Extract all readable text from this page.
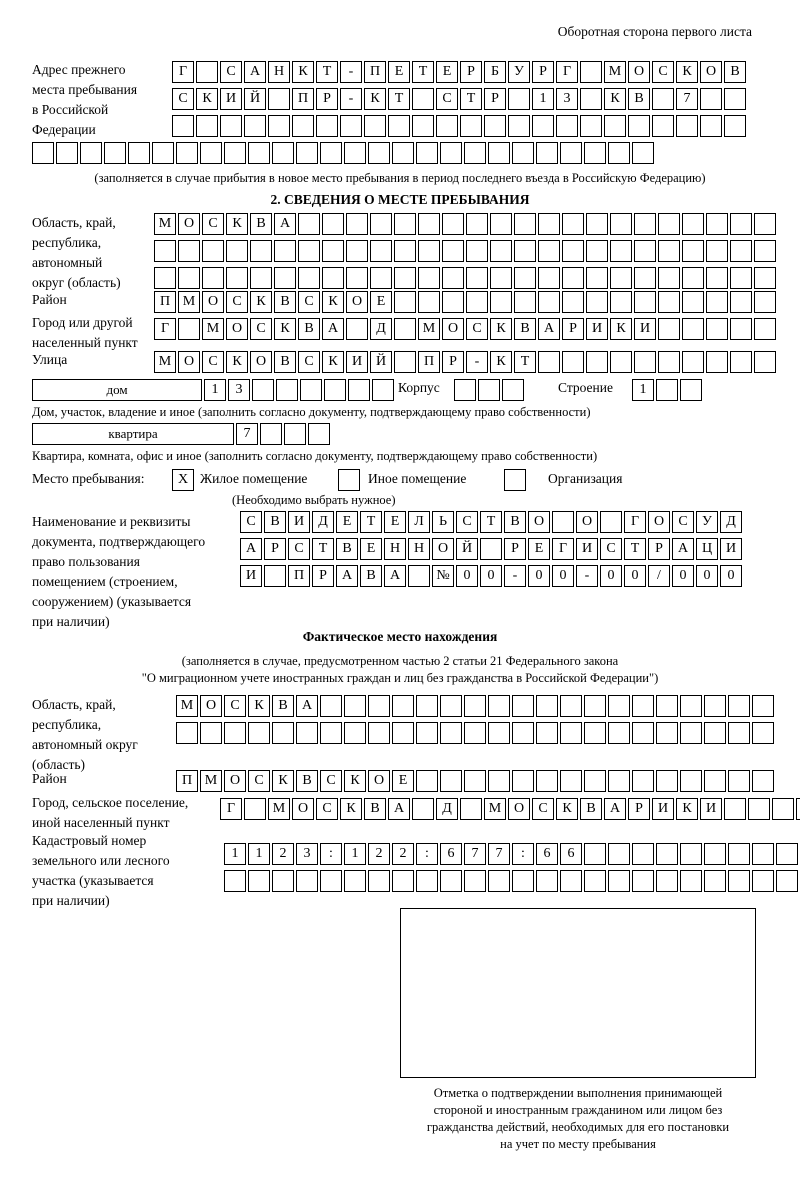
Оборотная сторона первого листа
Адрес прежнего
места пребывания
в Российской
Федерации
Г	С	А Н	К	Т	-	П	Е	Т	Е	Р	Б	У	Р	Г	М О	С	К	О	В
С	К	И Й	П	Р	-	К	Т	С	Т	Р	1	3	К	В	7
(заполняется в случае прибытия в новое место пребывания в период последнего въезда в Российскую Федерацию)
2. СВЕДЕНИЯ О МЕСТЕ ПРЕБЫВАНИЯ
Область, край,
республика,
автономный
округ (область)
М О	С	К	В	А
Район	П М О	С	К	В	С	К	О	Е
Город или другой
населенный пункт
Г	М О	С	К	В	А	Д	М О	С	К	В	А	Р	И	К	И
Улица	М О	С	К	О	В	С	К	И Й	П	Р	-	К	Т
дом	1	3	Корпус	Строение	1
Дом, участок, владение и иное (заполнить согласно документу, подтверждающему право собственности)
квартира	7
Квартира, комната, офис и иное (заполнить согласно документу, подтверждающему право собственности)
Место пребывания:	Х Жилое помещение	Иное помещение	Организация
(Необходимо выбрать нужное)
Наименование и реквизиты
документа, подтверждающего
право пользования
помещением (строением,
сооружением) (указывается
при наличии)
С	В	И	Д	Е	Т	Е	Л	Ь	С	Т	В	О	О	Г	О	С	У	Д
А	Р	С	Т	В	Е	Н Н О Й	Р	Е	Г	И	С	Т	Р	А Ц И
И	П	Р	А	В	А	№ 0	0	-	0	0	-	0	0	/	0	0	0
Фактическое место нахождения
(заполняется в случае, предусмотренном частью 2 статьи 21 Федерального закона
"О миграционном учете иностранных граждан и лиц без гражданства в Российской Федерации")
Область, край,
республика,
автономный округ
(область)
М О	С	К	В	А
Район	П М О	С	К	В	С	К	О	Е
Город, сельское поселение,
иной населенный пункт
Г	М О	С	К	В	А	Д	М О	С	К	В	А	Р	И	К	И
Кадастровый номер
земельного или лесного
участка (указывается
при наличии)
1	1	2	3	:	1	2	2	:	6	7	7	:	6	6
Отметка о подтверждении выполнения принимающей
стороной и иностранным гражданином или лицом без
гражданства действий, необходимых для его постановки
на учет по месту пребывания
